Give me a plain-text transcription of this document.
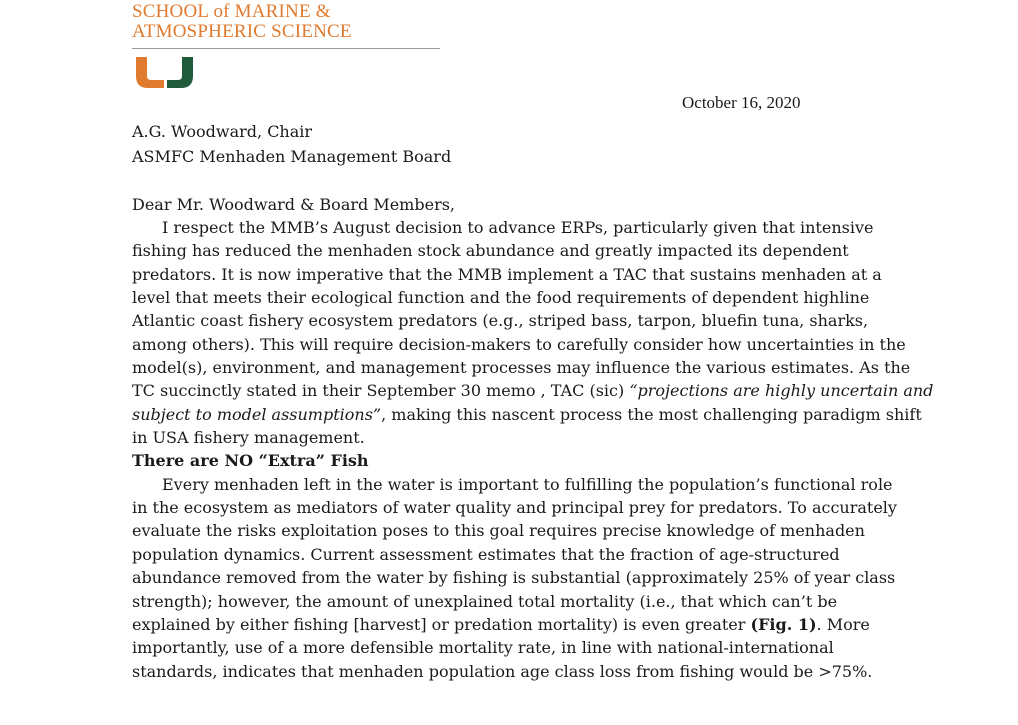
SCHOOL of MARINE &
ATMOSPHERIC SCIENCE
October 16, 2020
A.G. Woodward, Chair
ASMFC Menhaden Management Board
Dear Mr. Woodward & Board Members,
I respect the MMB’s August decision to advance ERPs, particularly given that intensive
fishing has reduced the menhaden stock abundance and greatly impacted its dependent
predators. It is now imperative that the MMB implement a TAC that sustains menhaden at a
level that meets their ecological function and the food requirements of dependent highline
Atlantic coast fishery ecosystem predators (e.g., striped bass, tarpon, bluefin tuna, sharks,
among others). This will require decision-makers to carefully consider how uncertainties in the
model(s), environment, and management processes may influence the various estimates. As the
TC succinctly stated in their September 30 memo , TAC (sic) “projections are highly uncertain and
subject to model assumptions”, making this nascent process the most challenging paradigm shift
in USA fishery management.
There are NO “Extra” Fish
Every menhaden left in the water is important to fulfilling the population’s functional role
in the ecosystem as mediators of water quality and principal prey for predators. To accurately
evaluate the risks exploitation poses to this goal requires precise knowledge of menhaden
population dynamics. Current assessment estimates that the fraction of age-structured
abundance removed from the water by fishing is substantial (approximately 25% of year class
strength); however, the amount of unexplained total mortality (i.e., that which can’t be
explained by either fishing [harvest] or predation mortality) is even greater (Fig. 1). More
importantly, use of a more defensible mortality rate, in line with national-international
standards, indicates that menhaden population age class loss from fishing would be >75%.
